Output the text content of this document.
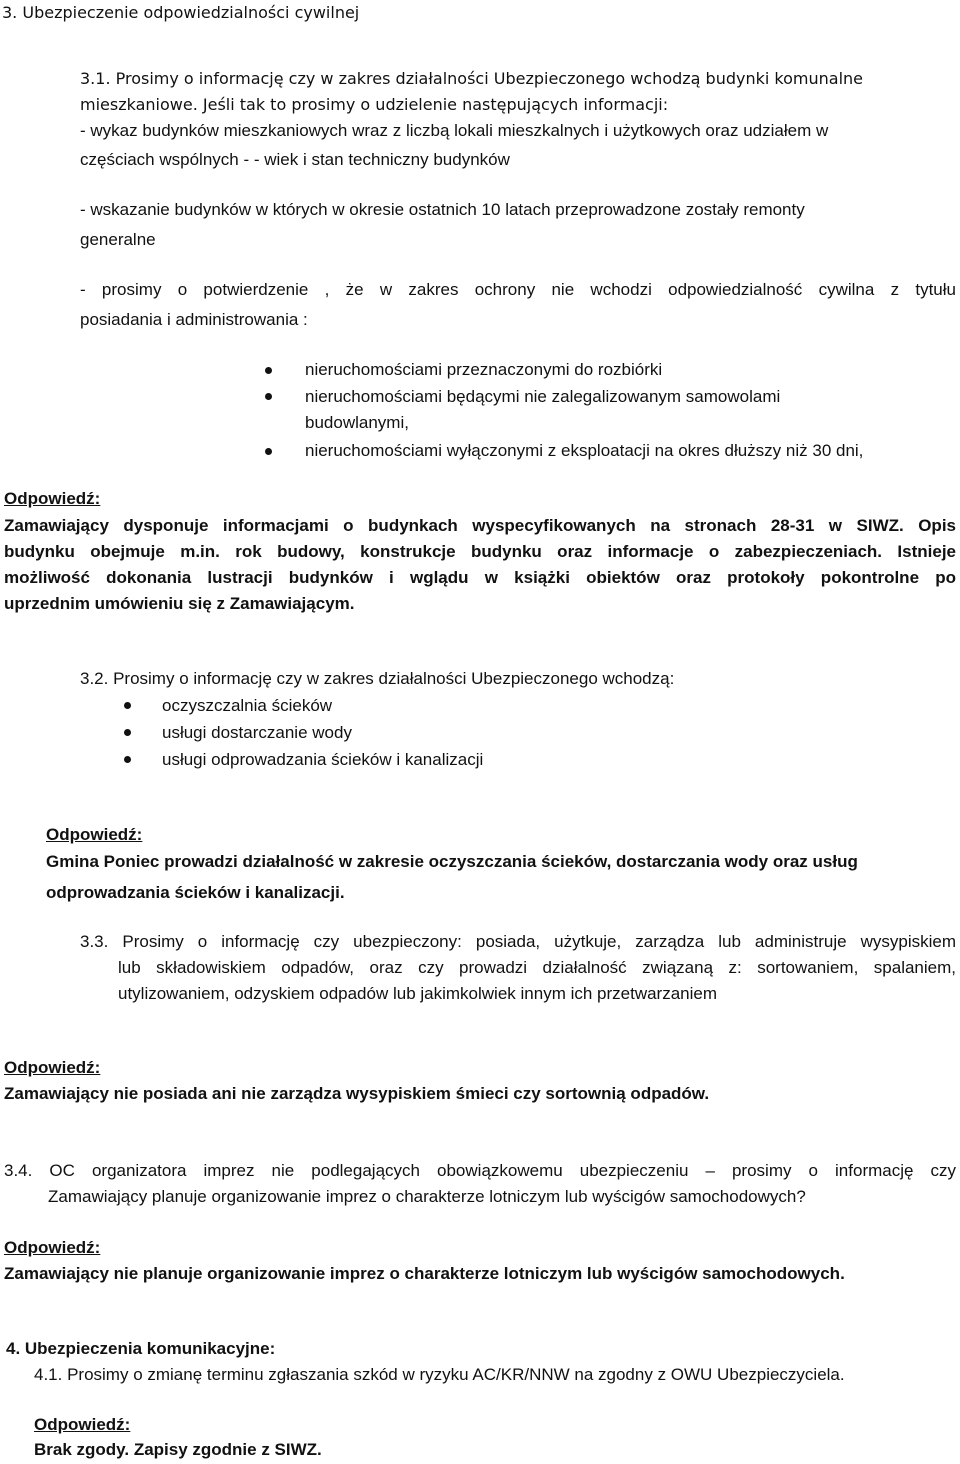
3. Ubezpieczenie odpowiedzialności cywilnej
3.1. Prosimy o informację czy w zakres działalności Ubezpieczonego wchodzą budynki komunalne
mieszkaniowe. Jeśli tak to prosimy o udzielenie następujących informacji:
- wykaz budynków mieszkaniowych wraz z liczbą lokali mieszkalnych i użytkowych oraz udziałem w
częściach wspólnych - - wiek i stan techniczny budynków
- wskazanie budynków w których w okresie ostatnich 10 latach przeprowadzone zostały remonty
generalne
- prosimy o potwierdzenie , że w zakres ochrony nie wchodzi odpowiedzialność cywilna z tytułu
posiadania i administrowania :
nieruchomościami przeznaczonymi do rozbiórki
nieruchomościami będącymi nie zalegalizowanym samowolami
budowlanymi,
nieruchomościami wyłączonymi z eksploatacji na okres dłuższy niż 30 dni,
Odpowiedź:
Zamawiający dysponuje informacjami o budynkach wyspecyfikowanych na stronach 28-31 w SIWZ. Opis
budynku obejmuje m.in. rok budowy, konstrukcje budynku oraz informacje o zabezpieczeniach. Istnieje
możliwość dokonania lustracji budynków i wglądu w książki obiektów oraz protokoły pokontrolne po
uprzednim umówieniu się z Zamawiającym.
3.2. Prosimy o informację czy w zakres działalności Ubezpieczonego wchodzą:
oczyszczalnia ścieków
usługi dostarczanie wody
usługi odprowadzania ścieków i kanalizacji
Odpowiedź:
Gmina Poniec prowadzi działalność w zakresie oczyszczania ścieków, dostarczania wody oraz usług
odprowadzania ścieków i kanalizacji.
3.3. Prosimy o informację czy ubezpieczony: posiada, użytkuje, zarządza lub administruje wysypiskiem
lub składowiskiem odpadów, oraz czy prowadzi działalność związaną z: sortowaniem, spalaniem,
utylizowaniem, odzyskiem odpadów lub jakimkolwiek innym ich przetwarzaniem
Odpowiedź:
Zamawiający nie posiada ani nie zarządza wysypiskiem śmieci czy sortownią odpadów.
3.4. OC organizatora imprez nie podlegających obowiązkowemu ubezpieczeniu – prosimy o informację czy
Zamawiający planuje organizowanie imprez o charakterze lotniczym lub wyścigów samochodowych?
Odpowiedź:
Zamawiający nie planuje organizowanie imprez o charakterze lotniczym lub wyścigów samochodowych.
4. Ubezpieczenia komunikacyjne:
4.1. Prosimy o zmianę terminu zgłaszania szkód w ryzyku AC/KR/NNW na zgodny z OWU Ubezpieczyciela.
Odpowiedź:
Brak zgody. Zapisy zgodnie z SIWZ.
